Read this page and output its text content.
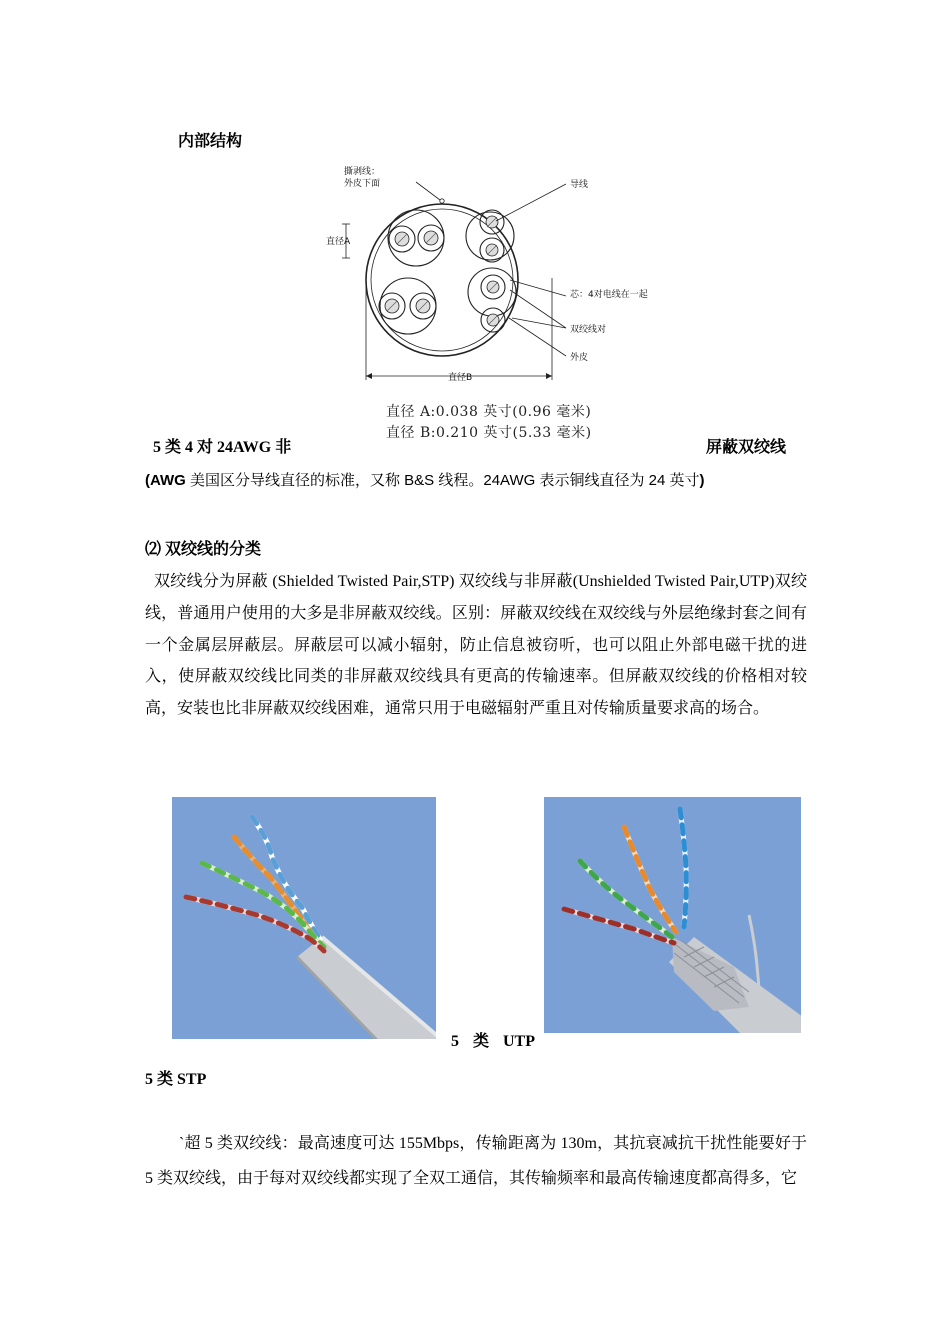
内部结构
撕剥线：
外皮下面	导线
直径A
芯：4对电线在一起
双绞线对
外皮
直径B
直径 A:0.038 英寸(0.96 毫米)
直径 B:0.210 英寸(5.33 毫米)
5 类 4 对 24AWG 非	屏蔽双绞线
(AWG 美国区分导线直径的标准，又称 B&S 线程。24AWG 表示铜线直径为 24 英寸)
⑵ 双绞线的分类
双绞线分为屏蔽 (Shielded Twisted Pair,STP) 双绞线与非屏蔽(Unshielded Twisted Pair,UTP)双绞线，普通用户使用的大多是非屏蔽双绞线。区别：屏蔽双绞线在双绞线与外层绝缘封套之间有一个金属层屏蔽层。屏蔽层可以减小辐射，防止信息被窃听，也可以阻止外部电磁干扰的进入，使屏蔽双绞线比同类的非屏蔽双绞线具有更高的传输速率。但屏蔽双绞线的价格相对较高，安装也比非屏蔽双绞线困难，通常只用于电磁辐射严重且对传输质量要求高的场合。
5 类 UTP
5 类 STP
`超 5 类双绞线：最高速度可达 155Mbps，传输距离为 130m，其抗衰减抗干扰性能要好于 5 类双绞线，由于每对双绞线都实现了全双工通信，其传输频率和最高传输速度都高得多，它
